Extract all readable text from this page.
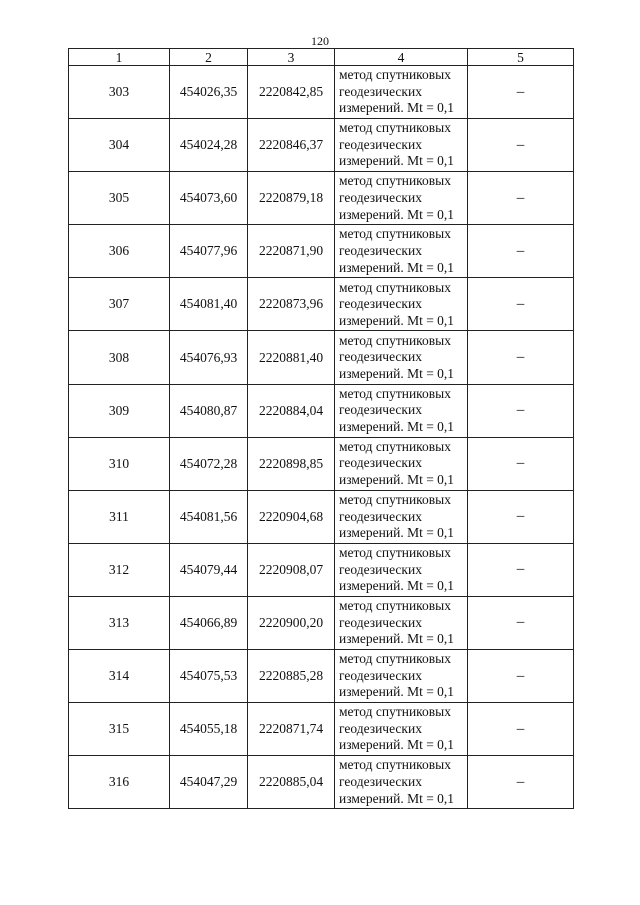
120
1	2	3	4	5
303	454026,35	2220842,85	метод спутниковых
геодезических
измерений. Mt = 0,1	–
304	454024,28	2220846,37	метод спутниковых
геодезических
измерений. Mt = 0,1	–
305	454073,60	2220879,18	метод спутниковых
геодезических
измерений. Mt = 0,1	–
306	454077,96	2220871,90	метод спутниковых
геодезических
измерений. Mt = 0,1	–
307	454081,40	2220873,96	метод спутниковых
геодезических
измерений. Mt = 0,1	–
308	454076,93	2220881,40	метод спутниковых
геодезических
измерений. Mt = 0,1	–
309	454080,87	2220884,04	метод спутниковых
геодезических
измерений. Mt = 0,1	–
310	454072,28	2220898,85	метод спутниковых
геодезических
измерений. Mt = 0,1	–
311	454081,56	2220904,68	метод спутниковых
геодезических
измерений. Mt = 0,1	–
312	454079,44	2220908,07	метод спутниковых
геодезических
измерений. Mt = 0,1	–
313	454066,89	2220900,20	метод спутниковых
геодезических
измерений. Mt = 0,1	–
314	454075,53	2220885,28	метод спутниковых
геодезических
измерений. Mt = 0,1	–
315	454055,18	2220871,74	метод спутниковых
геодезических
измерений. Mt = 0,1	–
316	454047,29	2220885,04	метод спутниковых
геодезических
измерений. Mt = 0,1	–
